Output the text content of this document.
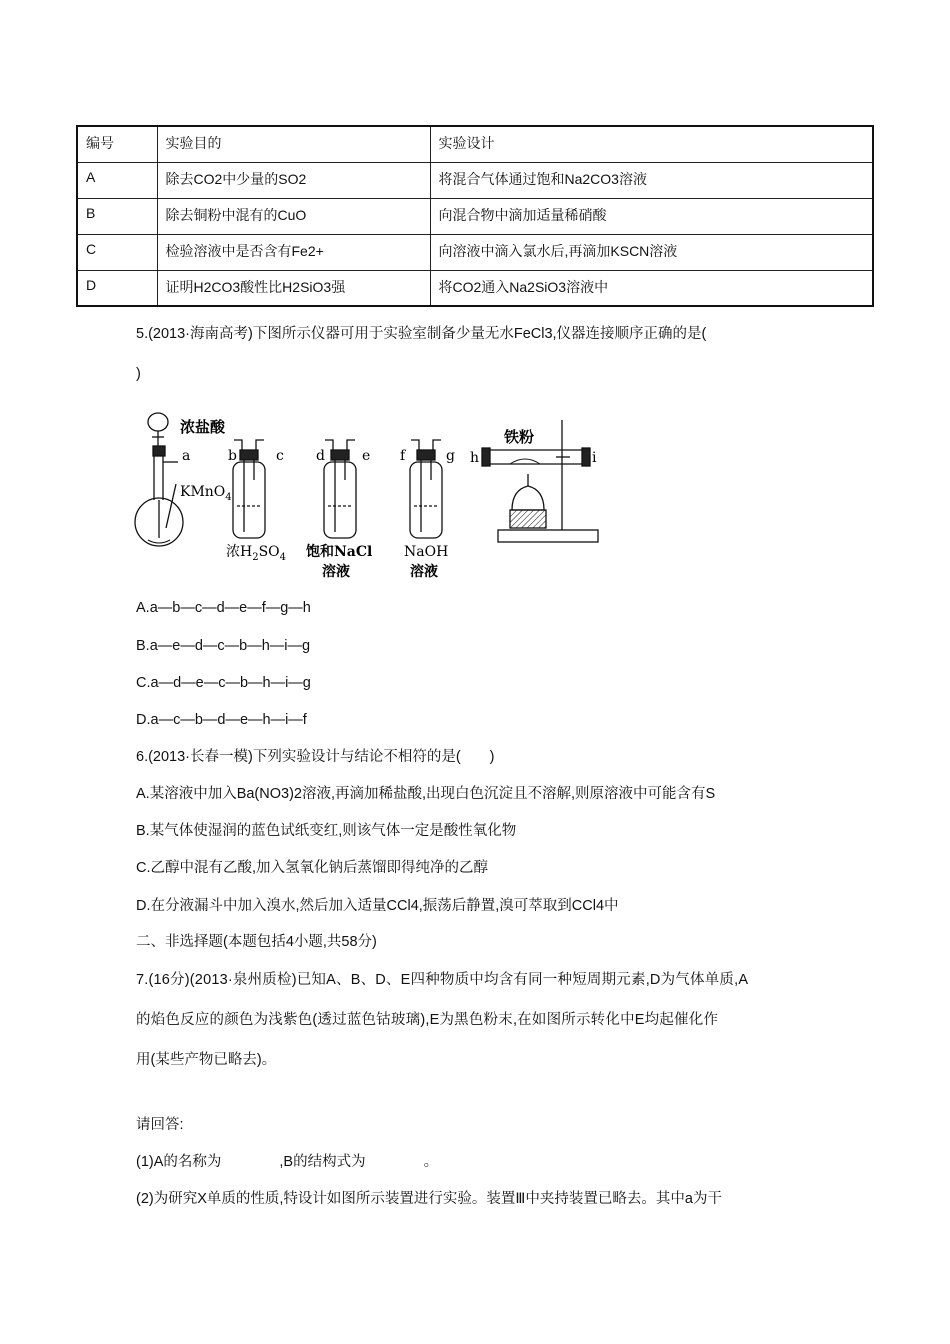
编号	实验目的	实验设计
A	除去CO2中少量的SO2	将混合气体通过饱和Na2CO3溶液
B	除去铜粉中混有的CuO	向混合物中滴加适量稀硝酸
C	检验溶液中是否含有Fe2+	向溶液中滴入氯水后,再滴加KSCN溶液
D	证明H2CO3酸性比H2SiO3强	将CO2通入Na2SiO3溶液中
5.(2013·海南高考)下图所示仪器可用于实验室制备少量无水FeCl3,仪器连接顺序正确的是(
)
浓盐酸
a
KMnO$_4$
b	c d	e f	g
铁粉
h	i
浓$H_2SO_4$ 饱和NaCl
溶液
NaOH
溶液
A.a—b—c—d—e—f—g—h
B.a—e—d—c—b—h—i—g
C.a—d—e—c—b—h—i—g
D.a—c—b—d—e—h—i—f
6.(2013·长春一模)下列实验设计与结论不相符的是(　　)
A.某溶液中加入Ba(NO3)2溶液,再滴加稀盐酸,出现白色沉淀且不溶解,则原溶液中可能含有S
B.某气体使湿润的蓝色试纸变红,则该气体一定是酸性氧化物
C.乙醇中混有乙酸,加入氢氧化钠后蒸馏即得纯净的乙醇
D.在分液漏斗中加入溴水,然后加入适量CCl4,振荡后静置,溴可萃取到CCl4中
二、非选择题(本题包括4小题,共58分)
7.(16分)(2013·泉州质检)已知A、B、D、E四种物质中均含有同一种短周期元素,D为气体单质,A
的焰色反应的颜色为浅紫色(透过蓝色钴玻璃),E为黑色粉末,在如图所示转化中E均起催化作
用(某些产物已略去)。
请回答:
(1)A的名称为　　　　,B的结构式为　　　　。
(2)为研究X单质的性质,特设计如图所示装置进行实验。装置Ⅲ中夹持装置已略去。其中a为干
